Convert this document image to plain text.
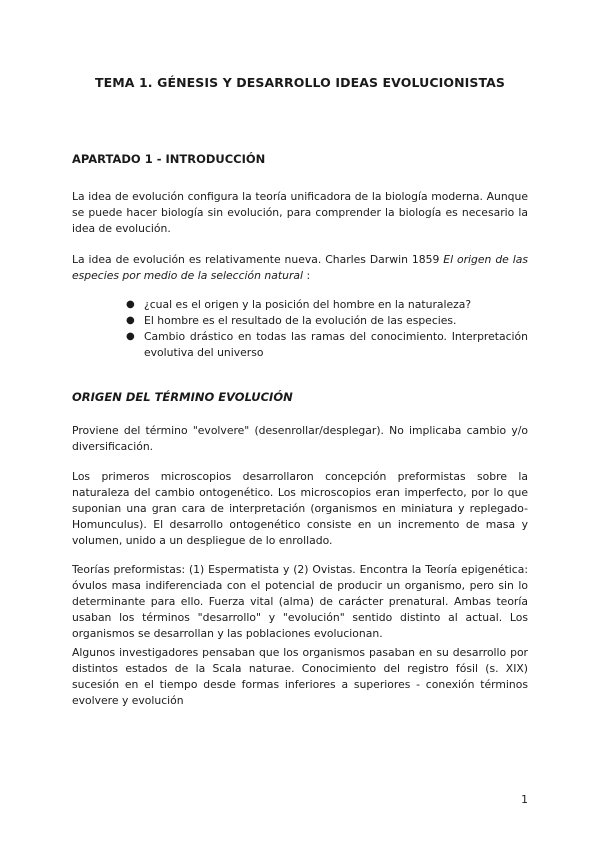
TEMA 1. GÉNESIS Y DESARROLLO IDEAS EVOLUCIONISTAS
APARTADO 1 - INTRODUCCIÓN

La idea de evolución configura la teoría unificadora de la biología moderna. Aunque se puede hacer biología sin evolución, para comprender la biología es necesario la idea de evolución.

La idea de evolución es relativamente nueva. Charles Darwin 1859 El origen de las especies por medio de la selección natural :

● ¿cual es el origen y la posición del hombre en la naturaleza?
● El hombre es el resultado de la evolución de las especies.
● Cambio drástico en todas las ramas del conocimiento. Interpretación evolutiva del universo
ORIGEN DEL TÉRMINO EVOLUCIÓN

Proviene del término "evolvere" (desenrollar/desplegar). No implicaba cambio y/o diversificación.

Los primeros microscopios desarrollaron concepción preformistas sobre la naturaleza del cambio ontogenético. Los microscopios eran imperfecto, por lo que suponian una gran cara de interpretación (organismos en miniatura y replegado- Homunculus). El desarrollo ontogenético consiste en un incremento de masa y volumen, unido a un despliegue de lo enrollado.

Teorías preformistas: (1) Espermatista y (2) Ovistas. Encontra la Teoría epigenética: óvulos masa indiferenciada con el potencial de producir un organismo, pero sin lo determinante para ello. Fuerza vital (alma) de carácter prenatural. Ambas teoría usaban los términos "desarrollo" y "evolución" sentido distinto al actual. Los organismos se desarrollan y las poblaciones evolucionan.

Algunos investigadores pensaban que los organismos pasaban en su desarrollo por distintos estados de la Scala naturae. Conocimiento del registro fósil (s. XIX) sucesión en el tiempo desde formas inferiores a superiores - conexión términos evolvere y evolución

1
